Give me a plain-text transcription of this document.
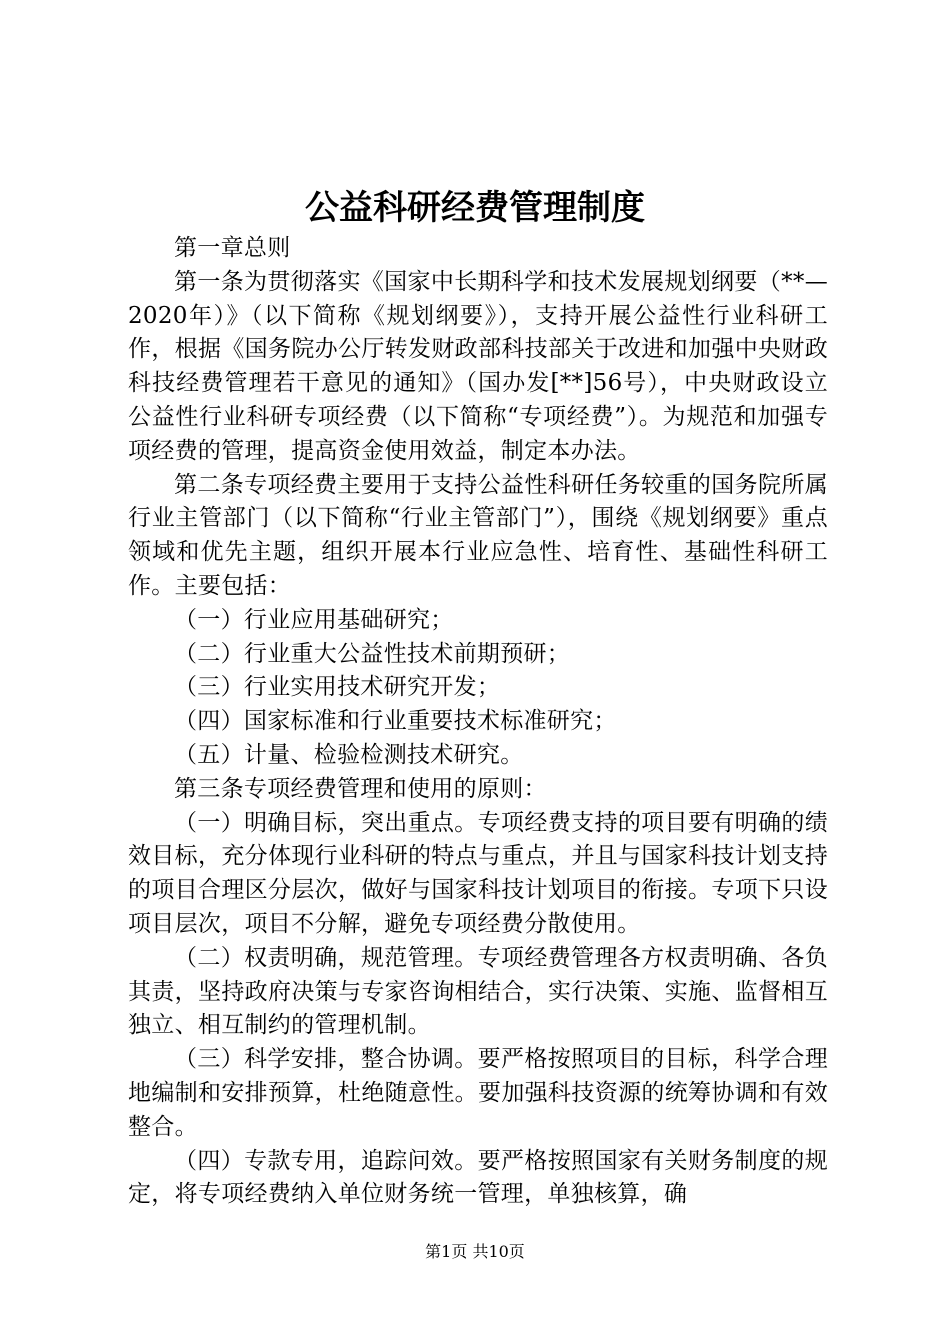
公益科研经费管理制度

第一章总则

第一条为贯彻落实《国家中长期科学和技术发展规划纲要（**—2020年）》（以下简称《规划纲要》），支持开展公益性行业科研工作，根据《国务院办公厅转发财政部科技部关于改进和加强中央财政科技经费管理若干意见的通知》（国办发[**]56号），中央财政设立公益性行业科研专项经费（以下简称“专项经费”）。为规范和加强专项经费的管理，提高资金使用效益，制定本办法。

第二条专项经费主要用于支持公益性科研任务较重的国务院所属行业主管部门（以下简称“行业主管部门”），围绕《规划纲要》重点领域和优先主题，组织开展本行业应急性、培育性、基础性科研工作。主要包括：

（一）行业应用基础研究；

（二）行业重大公益性技术前期预研；

（三）行业实用技术研究开发；

（四）国家标准和行业重要技术标准研究；

（五）计量、检验检测技术研究。

第三条专项经费管理和使用的原则：

（一）明确目标，突出重点。专项经费支持的项目要有明确的绩效目标，充分体现行业科研的特点与重点，并且与国家科技计划支持的项目合理区分层次，做好与国家科技计划项目的衔接。专项下只设项目层次，项目不分解，避免专项经费分散使用。

（二）权责明确，规范管理。专项经费管理各方权责明确、各负其责，坚持政府决策与专家咨询相结合，实行决策、实施、监督相互独立、相互制约的管理机制。

（三）科学安排，整合协调。要严格按照项目的目标，科学合理地编制和安排预算，杜绝随意性。要加强科技资源的统筹协调和有效整合。

（四）专款专用，追踪问效。要严格按照国家有关财务制度的规定，将专项经费纳入单位财务统一管理，单独核算，确

第1页 共10页
